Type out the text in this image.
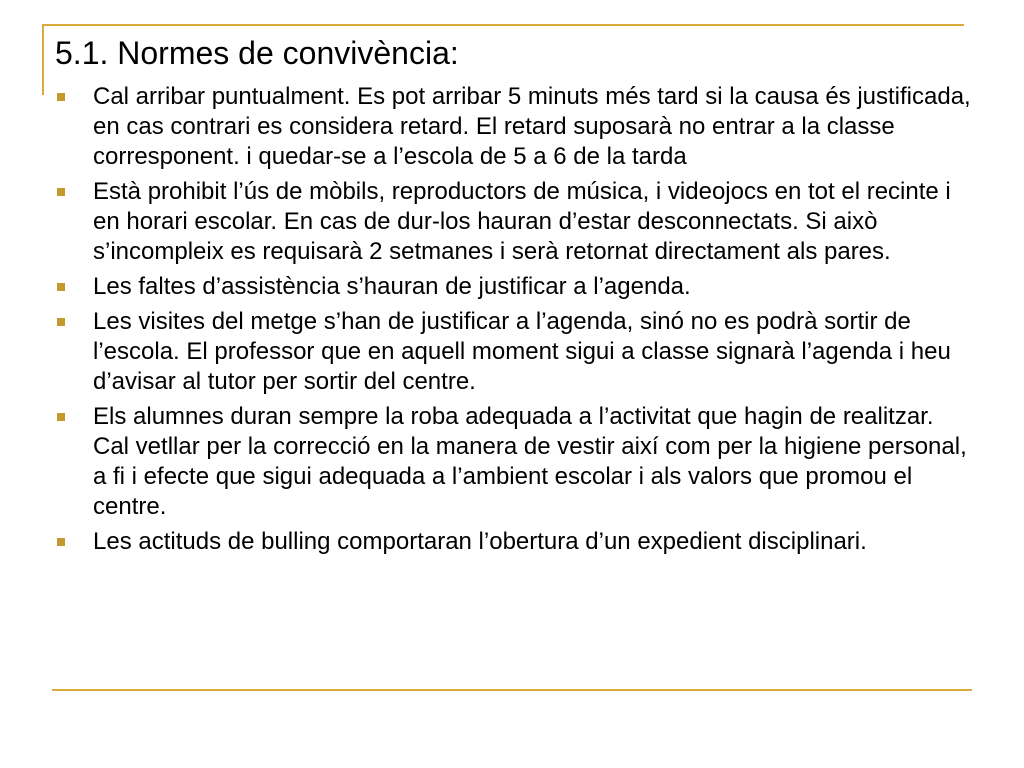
5.1. Normes de convivència:
Cal arribar puntualment. Es pot arribar 5 minuts més tard si la causa és justificada, en cas contrari es considera retard. El retard suposarà no entrar a la classe corresponent. i quedar-se a l’escola de 5 a 6 de la tarda
Està prohibit l’ús de mòbils, reproductors de música, i videojocs en tot el recinte i en horari escolar. En cas de dur-los hauran d’estar desconnectats. Si això s’incompleix es requisarà 2 setmanes i serà retornat directament als pares.
Les faltes d’assistència s’hauran de justificar a l’agenda.
Les visites del metge s’han de justificar a l’agenda, sinó no es podrà sortir de l’escola. El professor que en aquell moment sigui a classe signarà l’agenda i heu d’avisar al tutor per sortir del centre.
Els alumnes duran sempre la roba adequada a l’activitat que hagin de realitzar. Cal vetllar per la correcció en la manera de vestir així com per la higiene personal, a fi i efecte que sigui adequada a l’ambient escolar i als valors que promou el centre.
Les actituds de bulling comportaran l’obertura d’un expedient disciplinari.
